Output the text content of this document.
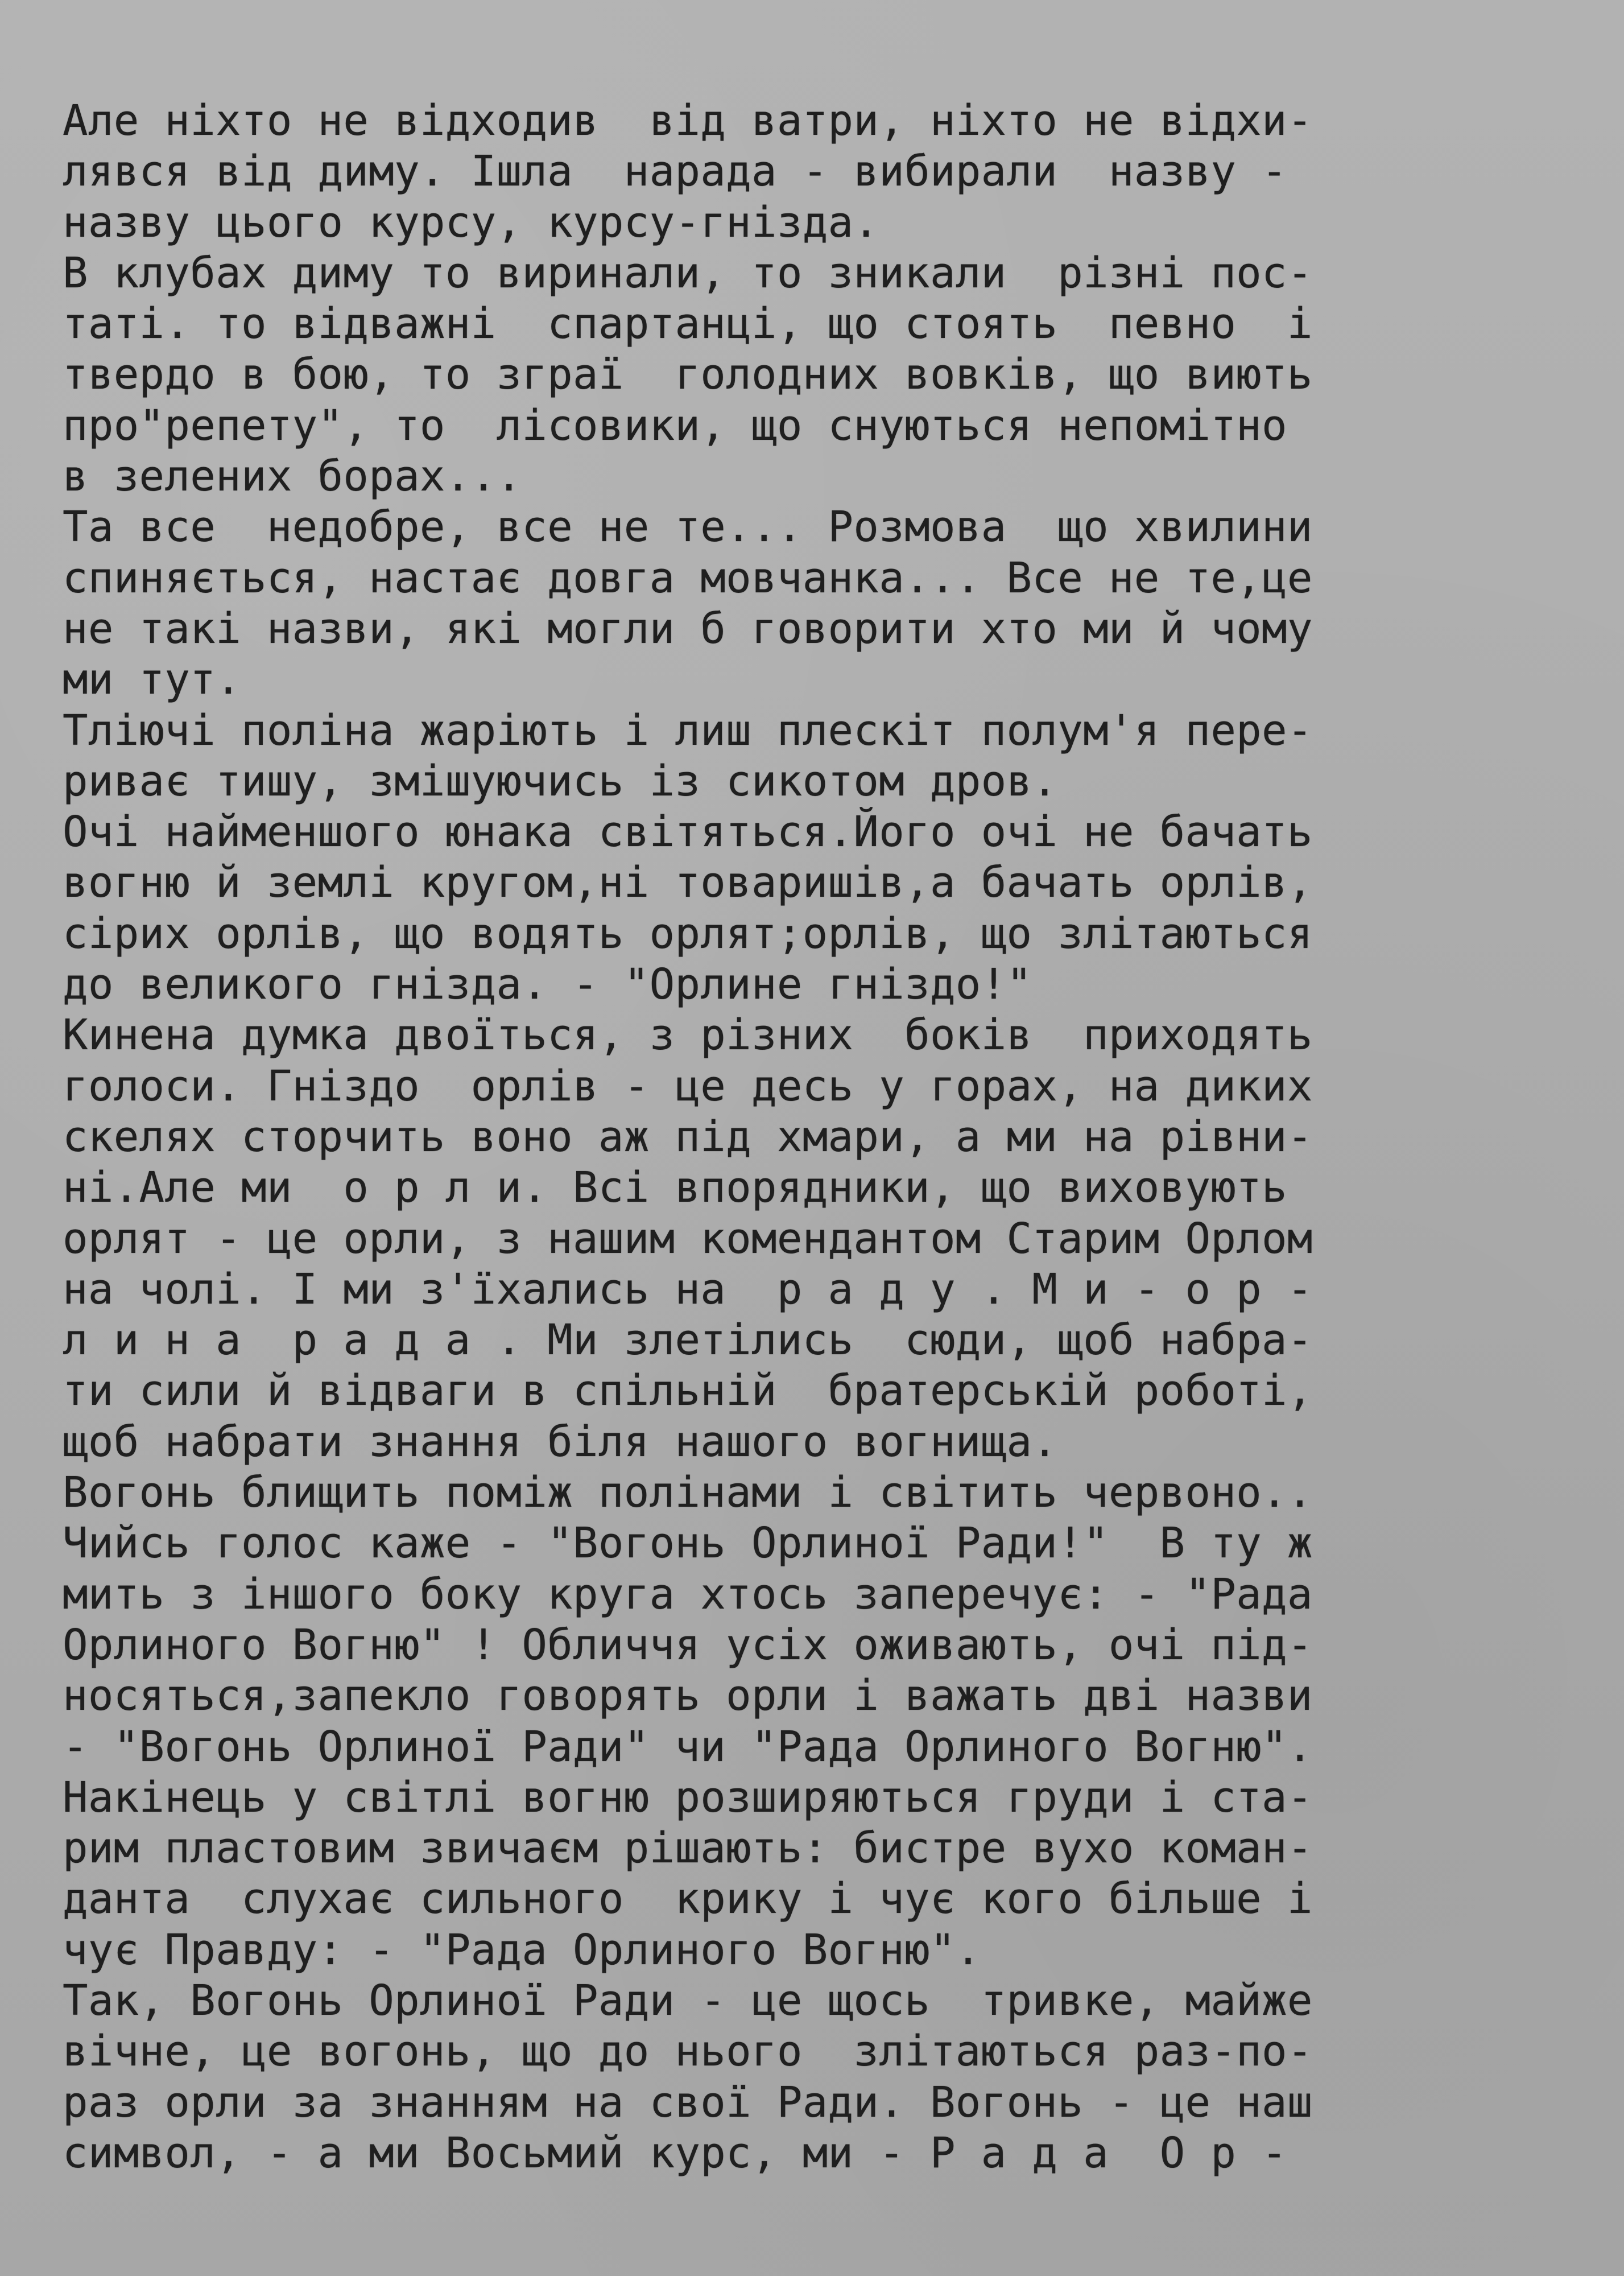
Але ніхто не відходив  від ватри, ніхто не відхи-
лявся від диму. Ішла  нарада - вибирали  назву -
назву цього курсу, курсу-гнізда.
В клубах диму то виринали, то зникали  різні пос-
таті. то відважні  спартанці, що стоять  певно  і
твердо в бою, то зграї  голодних вовків, що виють
про"репету", то  лісовики, що снуються непомітно
в зелених борах...
Та все  недобре, все не те... Розмова  що хвилини
спиняється, настає довга мовчанка... Все не те,це
не такі назви, які могли б говорити хто ми й чому
ми тут.
Тліючі поліна жаріють і лиш плескіт полум'я пере-
риває тишу, змішуючись із сикотом дров.
Очі найменшого юнака світяться.Його очі не бачать
вогню й землі кругом,ні товаришів,а бачать орлів,
сірих орлів, що водять орлят;орлів, що злітаються
до великого гнізда. - "Орлине гніздо!"
Кинена думка двоїться, з різних  боків  приходять
голоси. Гніздо  орлів - це десь у горах, на диких
скелях сторчить воно аж під хмари, а ми на рівни-
ні.Але ми  о р л и. Всі впорядники, що виховують
орлят - це орли, з нашим комендантом Старим Орлом
на чолі. І ми з'їхались на  р а д у . М и - о р -
л и н а  р а д а . Ми злетілись  сюди, щоб набра-
ти сили й відваги в спільній  братерській роботі,
щоб набрати знання біля нашого вогнища.
Вогонь блищить поміж полінами і світить червоно..
Чийсь голос каже - "Вогонь Орлиної Ради!"  В ту ж
мить з іншого боку круга хтось заперечує: - "Рада
Орлиного Вогню" ! Обличчя усіх оживають, очі під-
носяться,запекло говорять орли і важать дві назви
- "Вогонь Орлиної Ради" чи "Рада Орлиного Вогню".
Накінець у світлі вогню розширяються груди і ста-
рим пластовим звичаєм рішають: бистре вухо коман-
данта  слухає сильного  крику і чує кого більше і
чує Правду: - "Рада Орлиного Вогню".
Так, Вогонь Орлиної Ради - це щось  тривке, майже
вічне, це вогонь, що до нього  злітаються раз-по-
раз орли за знанням на свої Ради. Вогонь - це наш
символ, - а ми Восьмий курс, ми - Р а д а  О р -
